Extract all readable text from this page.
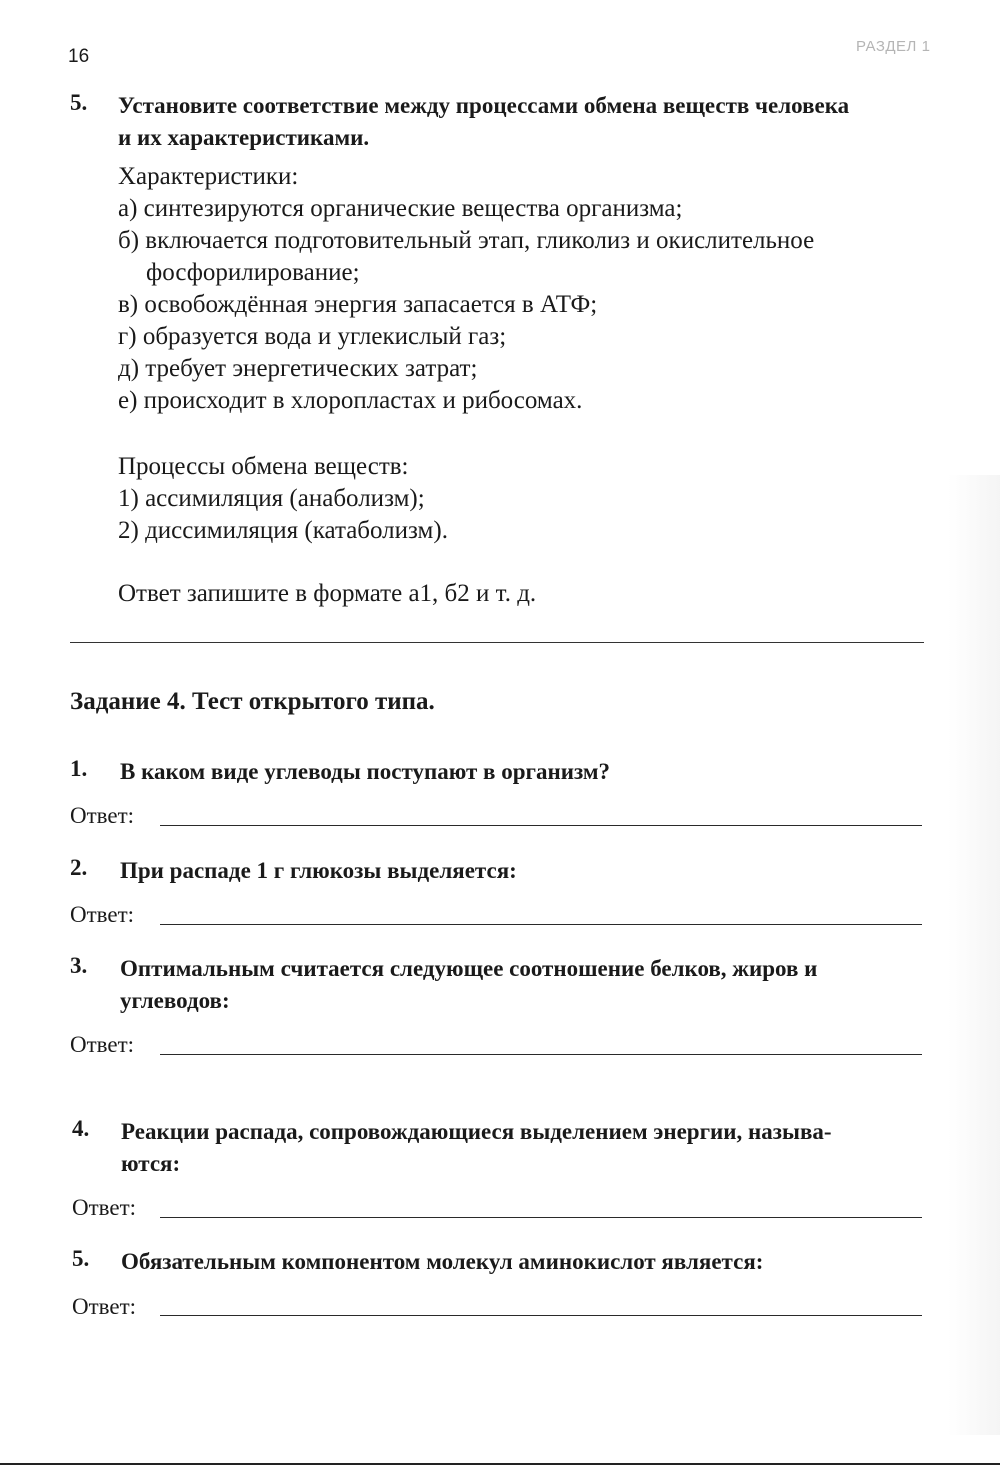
16	РАЗДЕЛ 1
5. Установите соответствие между процессами обмена веществ человека
и их характеристиками.
Характеристики:
а) синтезируются органические вещества организма;
б) включается подготовительный этап, гликолиз и окислительное
фосфорилирование;
в) освобождённая энергия запасается в АТФ;
г) образуется вода и углекислый газ;
д) требует энергетических затрат;
е) происходит в хлоропластах и рибосомах.
Процессы обмена веществ:
1) ассимиляция (анаболизм);
2) диссимиляция (катаболизм).
Ответ запишите в формате а1, б2 и т. д.
Задание 4. Тест открытого типа.
1. В каком виде углеводы поступают в организм?
Ответ:
2. При распаде 1 г глюкозы выделяется:
Ответ:
3. Оптимальным считается следующее соотношение белков, жиров и
углеводов:
Ответ:
4. Реакции распада, сопровождающиеся выделением энергии, называ-
ются:
Ответ:
5. Обязательным компонентом молекул аминокислот является:
Ответ:
